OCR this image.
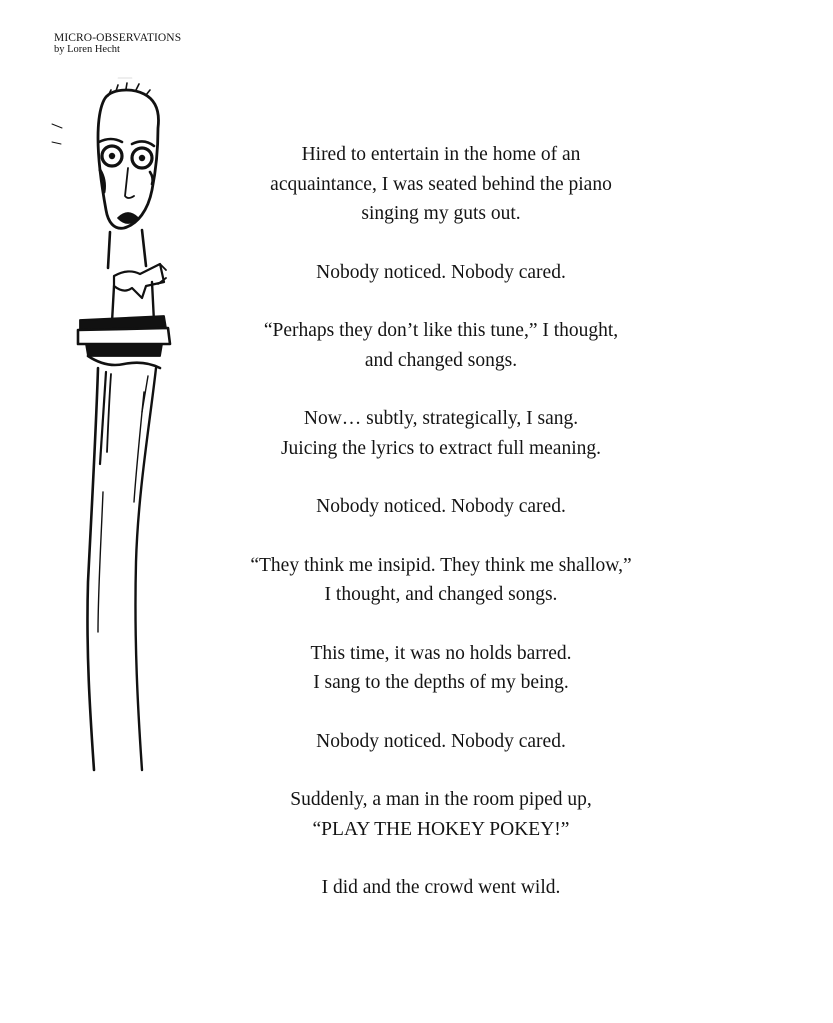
MICRO-OBSERVATIONS
by Loren Hecht
Hired to entertain in the home of an
acquaintance, I was seated behind the piano
singing my guts out.
Nobody noticed. Nobody cared.
“Perhaps they don’t like this tune,” I thought,
and changed songs.
Now… subtly, strategically, I sang.
Juicing the lyrics to extract full meaning.
Nobody noticed. Nobody cared.
“They think me insipid. They think me shallow,”
I thought, and changed songs.
This time, it was no holds barred.
I sang to the depths of my being.
Nobody noticed. Nobody cared.
Suddenly, a man in the room piped up,
“PLAY THE HOKEY POKEY!”
I did and the crowd went wild.
